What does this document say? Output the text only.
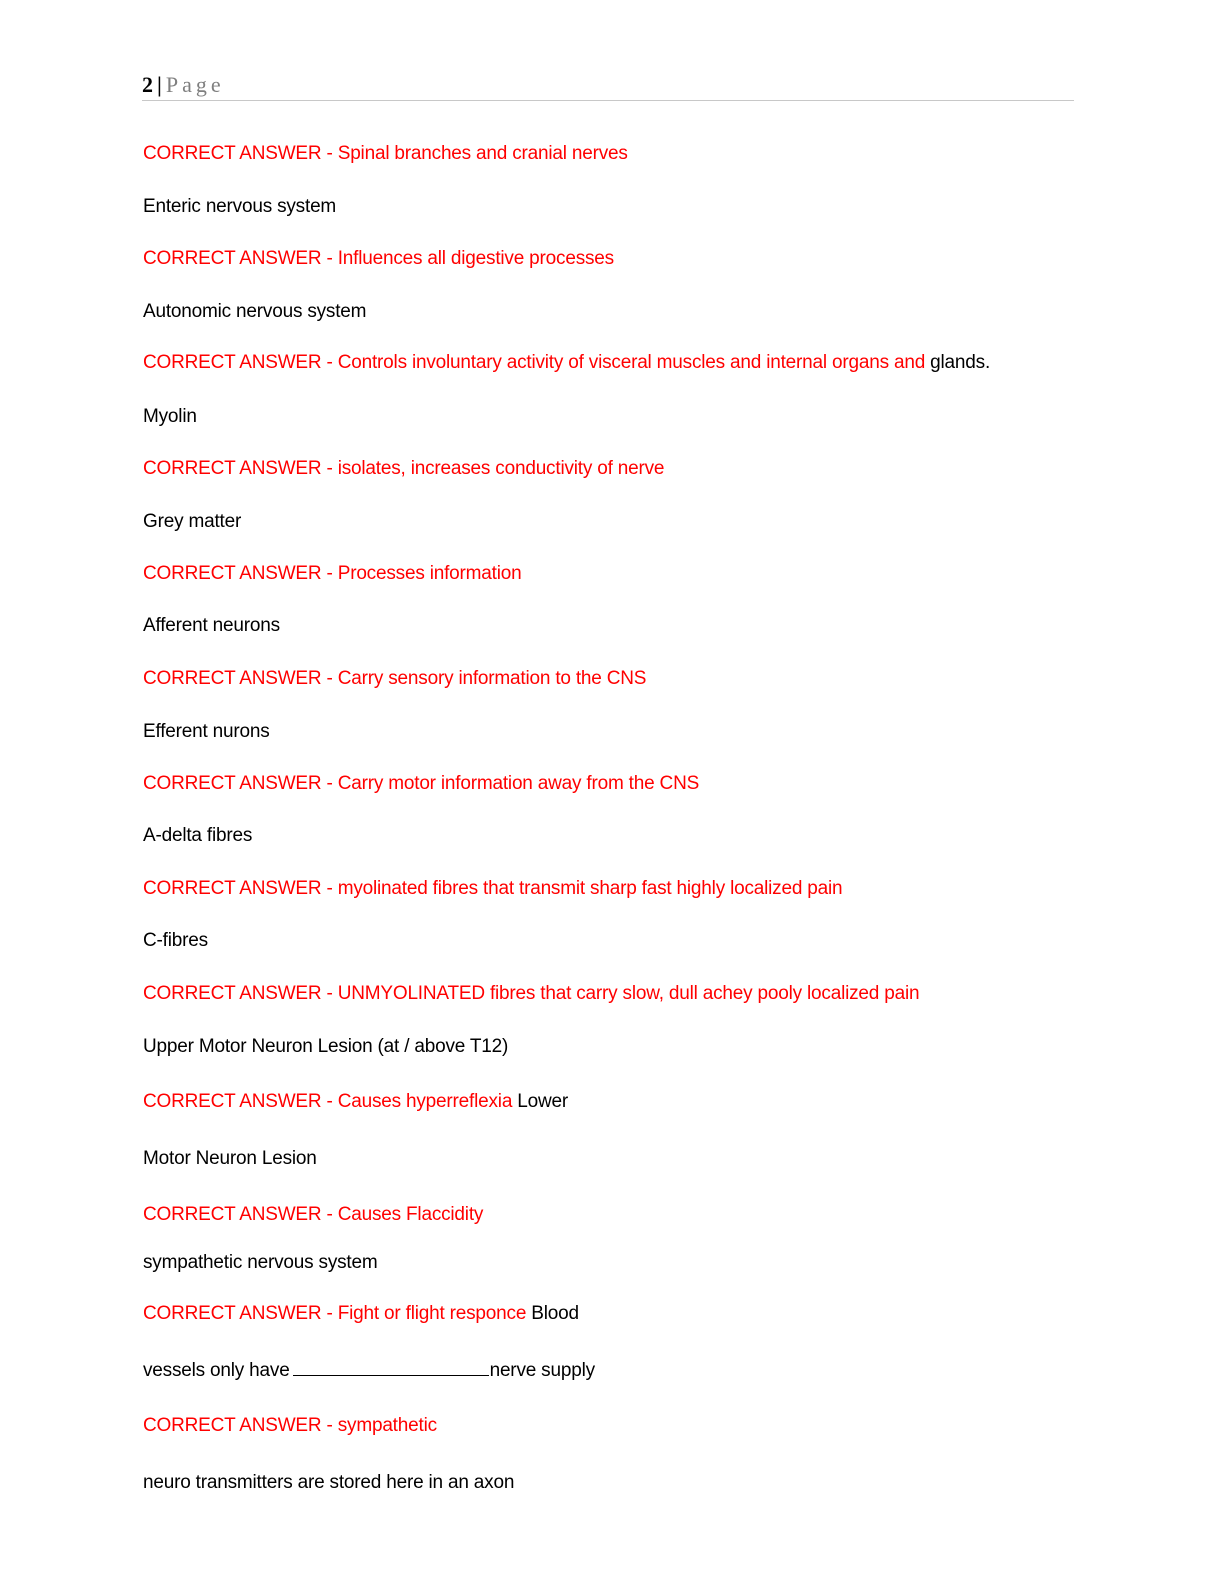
2 | Page
CORRECT ANSWER - Spinal branches and cranial nerves
Enteric nervous system
CORRECT ANSWER - Influences all digestive processes
Autonomic nervous system
CORRECT ANSWER - Controls involuntary activity of visceral muscles and internal organs and glands.
Myolin
CORRECT ANSWER - isolates, increases conductivity of nerve
Grey matter
CORRECT ANSWER - Processes information
Afferent neurons
CORRECT ANSWER - Carry sensory information to the CNS
Efferent nurons
CORRECT ANSWER - Carry motor information away from the CNS
A-delta fibres
CORRECT ANSWER - myolinated fibres that transmit sharp fast highly localized pain
C-fibres
CORRECT ANSWER - UNMYOLINATED fibres that carry slow, dull achey pooly localized pain
Upper Motor Neuron Lesion (at / above T12)
CORRECT ANSWER - Causes hyperreflexia Lower
Motor Neuron Lesion
CORRECT ANSWER - Causes Flaccidity
sympathetic nervous system
CORRECT ANSWER - Fight or flight responce Blood
vessels only have	nerve supply
CORRECT ANSWER - sympathetic
neuro transmitters are stored here in an axon
